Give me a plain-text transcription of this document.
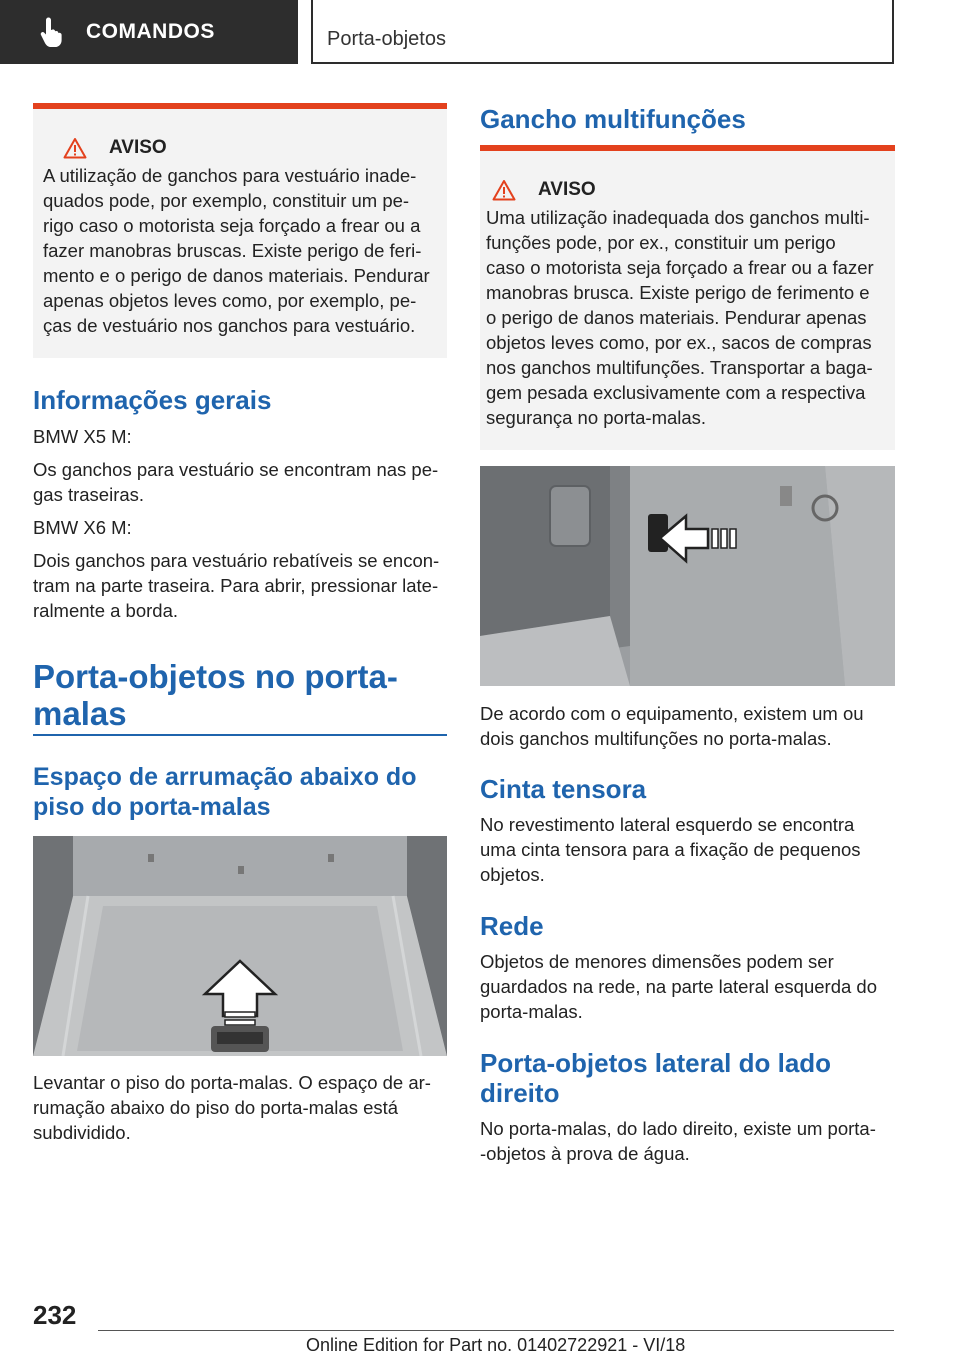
COMANDOS	Porta-objetos
AVISO

A utilização de ganchos para vestuário inade-

quados pode, por exemplo, constituir um pe-

rigo caso o motorista seja forçado a frear ou a

fazer manobras bruscas. Existe perigo de feri-

mento e o perigo de danos materiais. Pendurar

apenas objetos leves como, por exemplo, pe-

ças de vestuário nos ganchos para vestuário.

Informações gerais

BMW X5 M:

Os ganchos para vestuário se encontram nas pe-

gas traseiras.

BMW X6 M:

Dois ganchos para vestuário rebatíveis se encon-

tram na parte traseira. Para abrir, pressionar late-

ralmente a borda.

Porta-objetos no porta-
malas
Espaço de arrumação abaixo do
piso do porta-malas

Levantar o piso do porta-malas. O espaço de ar-

rumação abaixo do piso do porta-malas está

subdividido.

Gancho multifunções
AVISO

Uma utilização inadequada dos ganchos multi-

funções pode, por ex., constituir um perigo

caso o motorista seja forçado a frear ou a fazer

manobras brusca. Existe perigo de ferimento e

o perigo de danos materiais. Pendurar apenas

objetos leves como, por ex., sacos de compras

nos ganchos multifunções. Transportar a baga-

gem pesada exclusivamente com a respectiva

segurança no porta-malas.

De acordo com o equipamento, existem um ou

dois ganchos multifunções no porta-malas.

Cinta tensora

No revestimento lateral esquerdo se encontra

uma cinta tensora para a fixação de pequenos

objetos.

Rede

Objetos de menores dimensões podem ser

guardados na rede, na parte lateral esquerda do

porta-malas.

Porta-objetos lateral do lado
direito

No porta-malas, do lado direito, existe um porta-

-objetos à prova de água.

232
Online Edition for Part no. 01402722921 - VI/18
